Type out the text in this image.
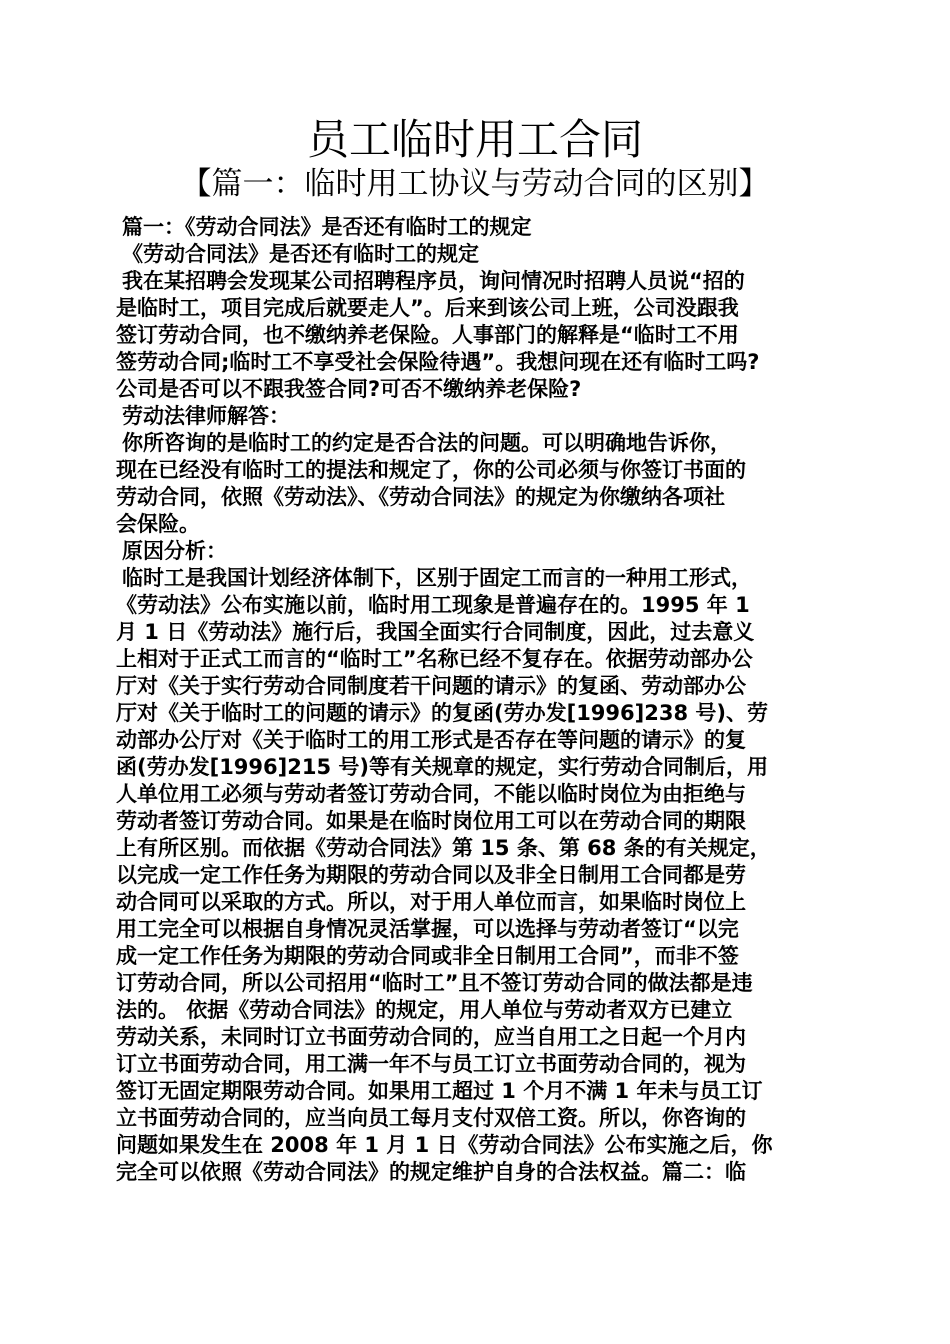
员工临时用工合同
【篇一：临时用工协议与劳动合同的区别】

篇一：《劳动合同法》是否还有临时工的规定

《劳动合同法》是否还有临时工的规定

我在某招聘会发现某公司招聘程序员，询问情况时招聘人员说“招的

是临时工，项目完成后就要走人”。后来到该公司上班，公司没跟我

签订劳动合同，也不缴纳养老保险。人事部门的解释是“临时工不用

签劳动合同;临时工不享受社会保险待遇”。我想问现在还有临时工吗?

公司是否可以不跟我签合同?可否不缴纳养老保险?

劳动法律师解答：

你所咨询的是临时工的约定是否合法的问题。可以明确地告诉你，

现在已经没有临时工的提法和规定了，你的公司必须与你签订书面的

劳动合同，依照《劳动法》、《劳动合同法》的规定为你缴纳各项社

会保险。

原因分析：

临时工是我国计划经济体制下，区别于固定工而言的一种用工形式，

《劳动法》公布实施以前，临时用工现象是普遍存在的。1995 年 1

月 1 日《劳动法》施行后，我国全面实行合同制度，因此，过去意义

上相对于正式工而言的“临时工”名称已经不复存在。依据劳动部办公

厅对《关于实行劳动合同制度若干问题的请示》的复函、劳动部办公

厅对《关于临时工的问题的请示》的复函(劳办发[1996]238 号)、劳

动部办公厅对《关于临时工的用工形式是否存在等问题的请示》的复

函(劳办发[1996]215 号)等有关规章的规定，实行劳动合同制后，用

人单位用工必须与劳动者签订劳动合同，不能以临时岗位为由拒绝与

劳动者签订劳动合同。如果是在临时岗位用工可以在劳动合同的期限

上有所区别。而依据《劳动合同法》第 15 条、第 68 条的有关规定，

以完成一定工作任务为期限的劳动合同以及非全日制用工合同都是劳

动合同可以采取的方式。所以，对于用人单位而言，如果临时岗位上

用工完全可以根据自身情况灵活掌握，可以选择与劳动者签订“以完

成一定工作任务为期限的劳动合同或非全日制用工合同”，而非不签

订劳动合同，所以公司招用“临时工”且不签订劳动合同的做法都是违

法的。 依据《劳动合同法》的规定，用人单位与劳动者双方已建立

劳动关系，未同时订立书面劳动合同的，应当自用工之日起一个月内

订立书面劳动合同，用工满一年不与员工订立书面劳动合同的，视为

签订无固定期限劳动合同。如果用工超过 1 个月不满 1 年未与员工订

立书面劳动合同的，应当向员工每月支付双倍工资。所以，你咨询的

问题如果发生在 2008 年 1 月 1 日《劳动合同法》公布实施之后，你

完全可以依照《劳动合同法》的规定维护自身的合法权益。篇二：临
